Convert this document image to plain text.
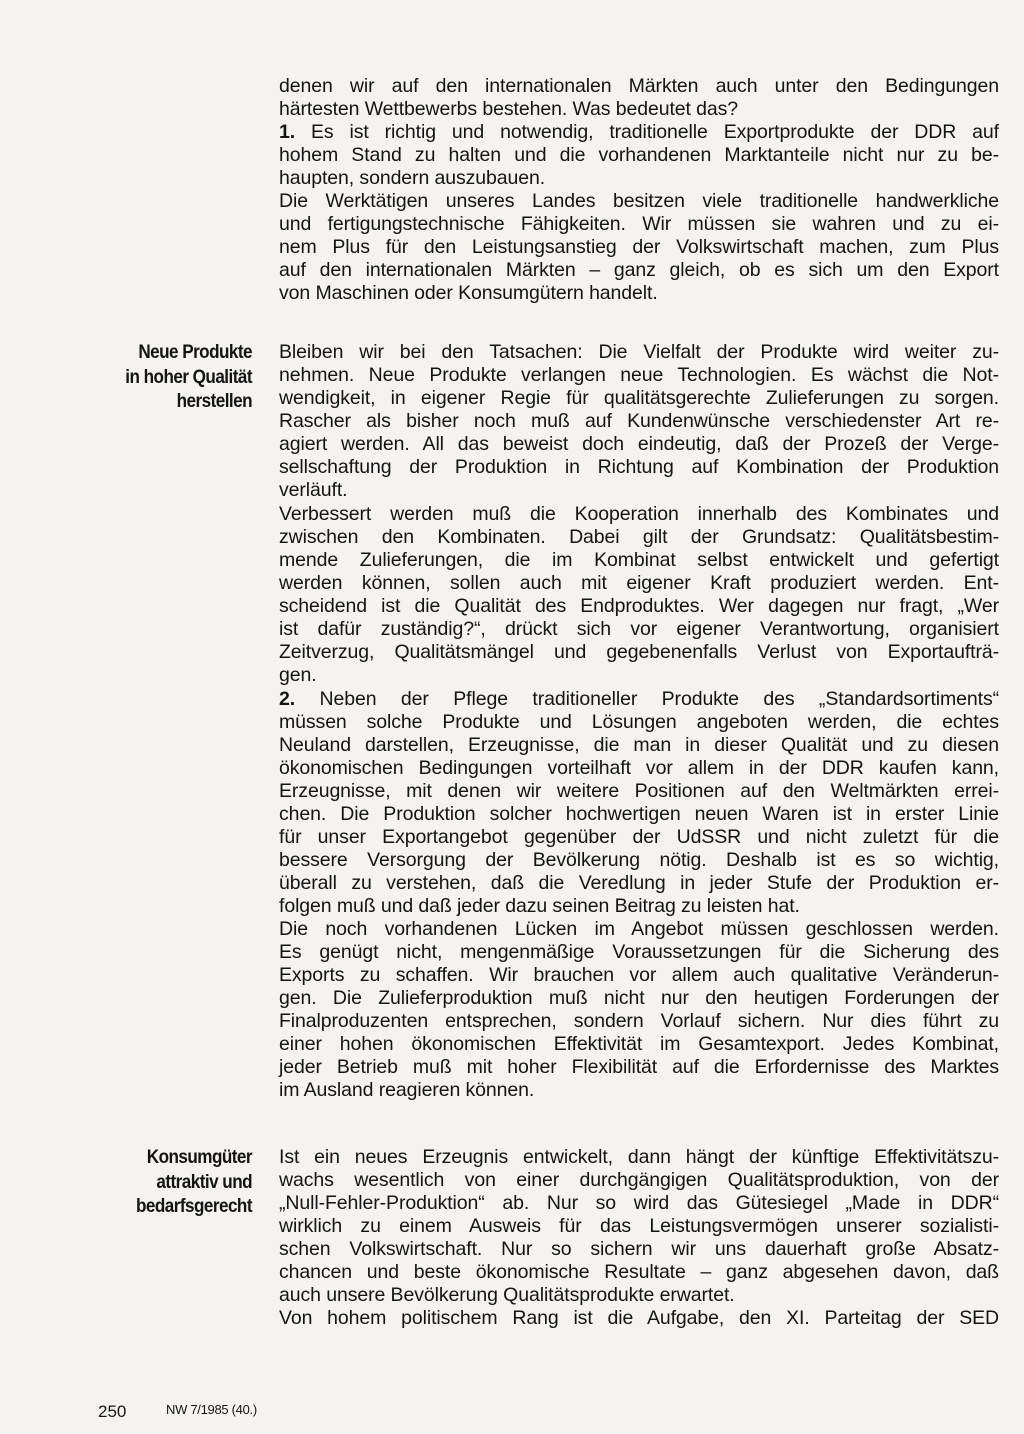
Neue Produkte
in hoher Qualität
herstellen
Konsumgüter
attraktiv und
bedarfsgerecht
denen wir auf den internationalen Märkten auch unter den Bedingungen
härtesten Wettbewerbs bestehen. Was bedeutet das?
1. Es ist richtig und notwendig, traditionelle Exportprodukte der DDR auf
hohem Stand zu halten und die vorhandenen Marktanteile nicht nur zu be-
haupten, sondern auszubauen.
Die Werktätigen unseres Landes besitzen viele traditionelle handwerkliche
und fertigungstechnische Fähigkeiten. Wir müssen sie wahren und zu ei-
nem Plus für den Leistungsanstieg der Volkswirtschaft machen, zum Plus
auf den internationalen Märkten – ganz gleich, ob es sich um den Export
von Maschinen oder Konsumgütern handelt.
Bleiben wir bei den Tatsachen: Die Vielfalt der Produkte wird weiter zu-
nehmen. Neue Produkte verlangen neue Technologien. Es wächst die Not-
wendigkeit, in eigener Regie für qualitätsgerechte Zulieferungen zu sorgen.
Rascher als bisher noch muß auf Kundenwünsche verschiedenster Art re-
agiert werden. All das beweist doch eindeutig, daß der Prozeß der Verge-
sellschaftung der Produktion in Richtung auf Kombination der Produktion
verläuft.
Verbessert werden muß die Kooperation innerhalb des Kombinates und
zwischen den Kombinaten. Dabei gilt der Grundsatz: Qualitätsbestim-
mende Zulieferungen, die im Kombinat selbst entwickelt und gefertigt
werden können, sollen auch mit eigener Kraft produziert werden. Ent-
scheidend ist die Qualität des Endproduktes. Wer dagegen nur fragt, „Wer
ist dafür zuständig?“, drückt sich vor eigener Verantwortung, organisiert
Zeitverzug, Qualitätsmängel und gegebenenfalls Verlust von Exportaufträ-
gen.
2. Neben der Pflege traditioneller Produkte des „Standardsortiments“
müssen solche Produkte und Lösungen angeboten werden, die echtes
Neuland darstellen, Erzeugnisse, die man in dieser Qualität und zu diesen
ökonomischen Bedingungen vorteilhaft vor allem in der DDR kaufen kann,
Erzeugnisse, mit denen wir weitere Positionen auf den Weltmärkten errei-
chen. Die Produktion solcher hochwertigen neuen Waren ist in erster Linie
für unser Exportangebot gegenüber der UdSSR und nicht zuletzt für die
bessere Versorgung der Bevölkerung nötig. Deshalb ist es so wichtig,
überall zu verstehen, daß die Veredlung in jeder Stufe der Produktion er-
folgen muß und daß jeder dazu seinen Beitrag zu leisten hat.
Die noch vorhandenen Lücken im Angebot müssen geschlossen werden.
Es genügt nicht, mengenmäßige Voraussetzungen für die Sicherung des
Exports zu schaffen. Wir brauchen vor allem auch qualitative Veränderun-
gen. Die Zulieferproduktion muß nicht nur den heutigen Forderungen der
Finalproduzenten entsprechen, sondern Vorlauf sichern. Nur dies führt zu
einer hohen ökonomischen Effektivität im Gesamtexport. Jedes Kombinat,
jeder Betrieb muß mit hoher Flexibilität auf die Erfordernisse des Marktes
im Ausland reagieren können.
Ist ein neues Erzeugnis entwickelt, dann hängt der künftige Effektivitätszu-
wachs wesentlich von einer durchgängigen Qualitätsproduktion, von der
„Null-Fehler-Produktion“ ab. Nur so wird das Gütesiegel „Made in DDR“
wirklich zu einem Ausweis für das Leistungsvermögen unserer sozialisti-
schen Volkswirtschaft. Nur so sichern wir uns dauerhaft große Absatz-
chancen und beste ökonomische Resultate – ganz abgesehen davon, daß
auch unsere Bevölkerung Qualitätsprodukte erwartet.
Von hohem politischem Rang ist die Aufgabe, den XI. Parteitag der SED
250	NW 7/1985 (40.)
